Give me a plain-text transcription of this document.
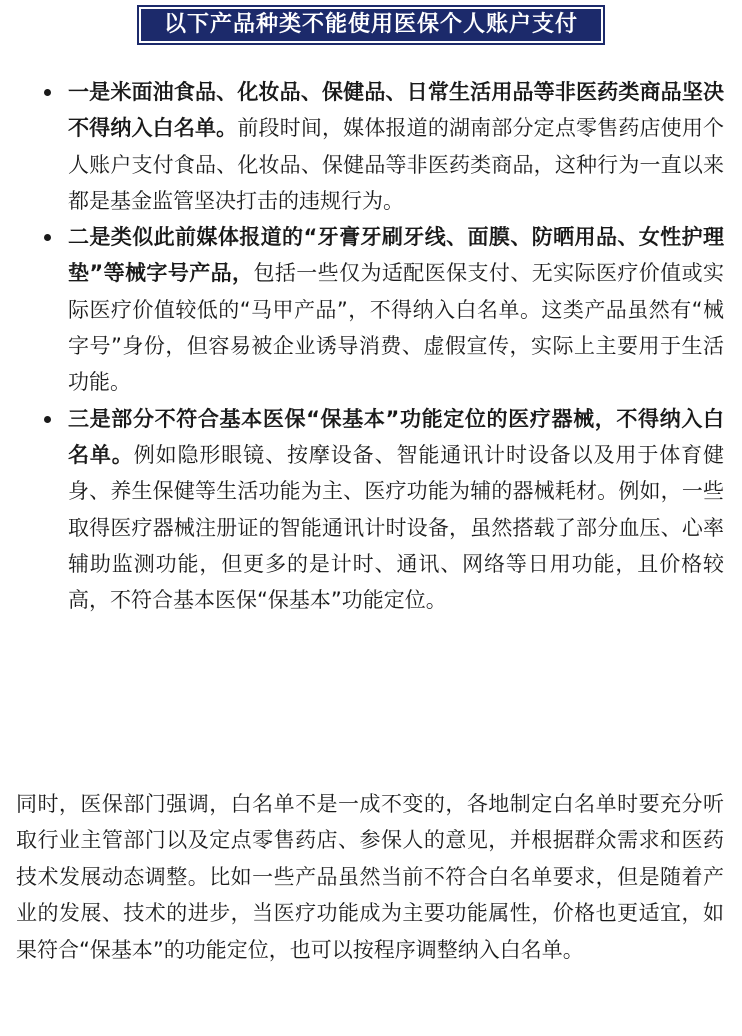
以下产品种类不能使用医保个人账户支付
一是米面油食品、化妆品、保健品、日常生活用品等非医药类商品坚决不得纳入白名单。前段时间，媒体报道的湖南部分定点零售药店使用个人账户支付食品、化妆品、保健品等非医药类商品，这种行为一直以来都是基金监管坚决打击的违规行为。
二是类似此前媒体报道的“牙膏牙刷牙线、面膜、防晒用品、女性护理垫”等械字号产品，包括一些仅为适配医保支付、无实际医疗价值或实际医疗价值较低的“马甲产品”，不得纳入白名单。这类产品虽然有“械字号”身份，但容易被企业诱导消费、虚假宣传，实际上主要用于生活功能。
三是部分不符合基本医保“保基本”功能定位的医疗器械，不得纳入白名单。例如隐形眼镜、按摩设备、智能通讯计时设备以及用于体育健身、养生保健等生活功能为主、医疗功能为辅的器械耗材。例如，一些取得医疗器械注册证的智能通讯计时设备，虽然搭载了部分血压、心率辅助监测功能，但更多的是计时、通讯、网络等日用功能，且价格较高，不符合基本医保“保基本”功能定位。

同时，医保部门强调，白名单不是一成不变的，各地制定白名单时要充分听取行业主管部门以及定点零售药店、参保人的意见，并根据群众需求和医药技术发展动态调整。比如一些产品虽然当前不符合白名单要求，但是随着产业的发展、技术的进步，当医疗功能成为主要功能属性，价格也更适宜，如果符合“保基本”的功能定位，也可以按程序调整纳入白名单。
